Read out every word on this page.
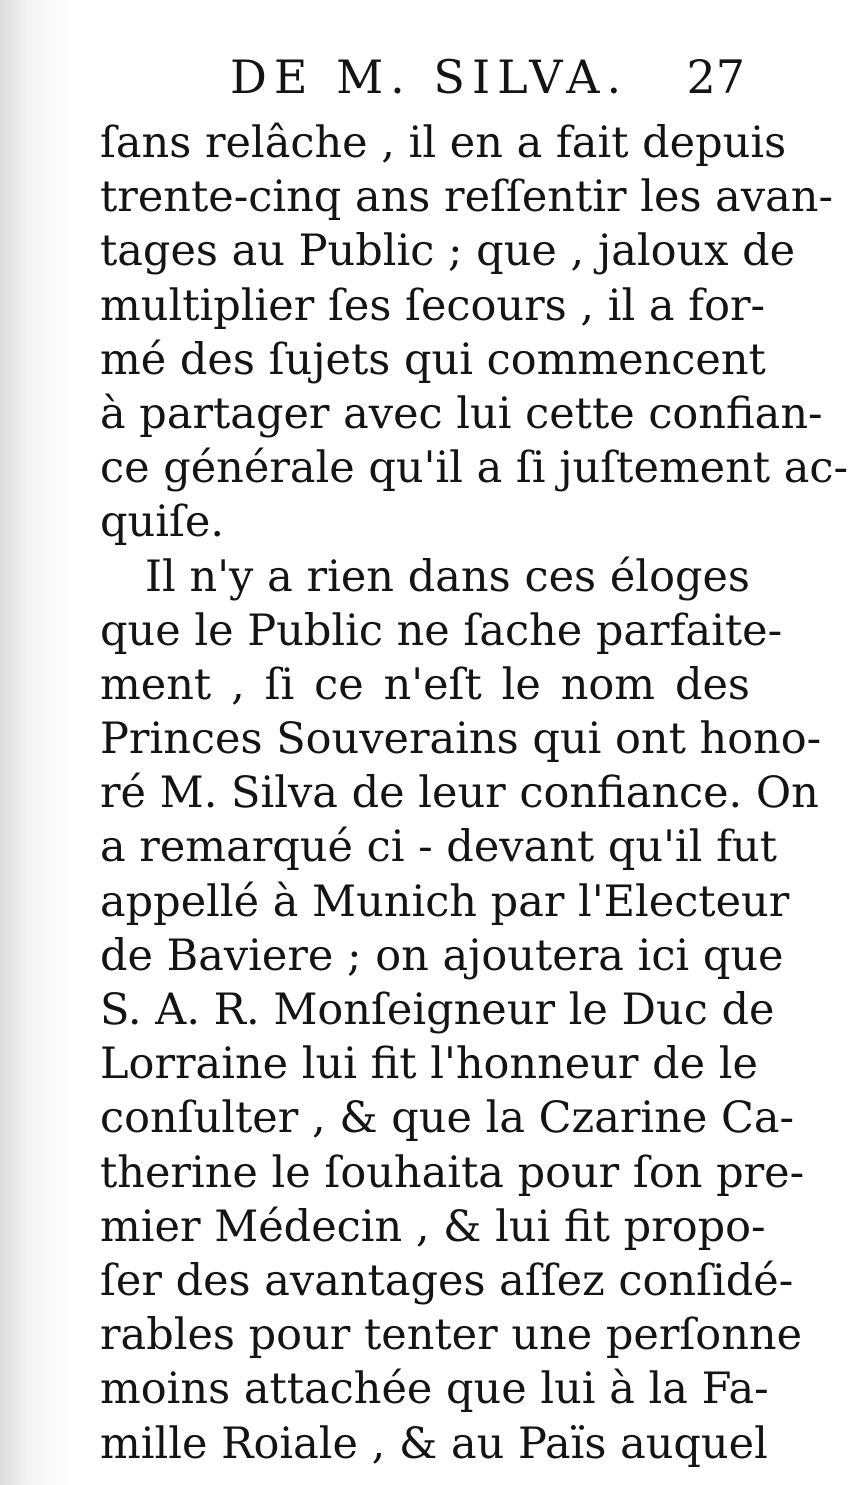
DE M. SILVA. 27
ſans relâche , il en a fait depuis
trente-cinq ans reſſentir les avan-
tages au Public ; que , jaloux de
multiplier ſes ſecours , il a for-
mé des ſujets qui commencent
à partager avec lui cette confian-
ce générale qu'il a ſi juſtement ac-
quiſe.
Il n'y a rien dans ces éloges
que le Public ne ſache parfaite-
ment , ſi ce n'eſt le nom des
Princes Souverains qui ont hono-
ré M. Silva de leur confiance. On
a remarqué ci - devant qu'il fut
appellé à Munich par l'Electeur
de Baviere ; on ajoutera ici que
S. A. R. Monſeigneur le Duc de
Lorraine lui fit l'honneur de le
conſulter , & que la Czarine Ca-
therine le ſouhaita pour ſon pre-
mier Médecin , & lui fit propo-
ſer des avantages aſſez conſidé-
rables pour tenter une perſonne
moins attachée que lui à la Fa-
mille Roiale , & au Païs auquel
